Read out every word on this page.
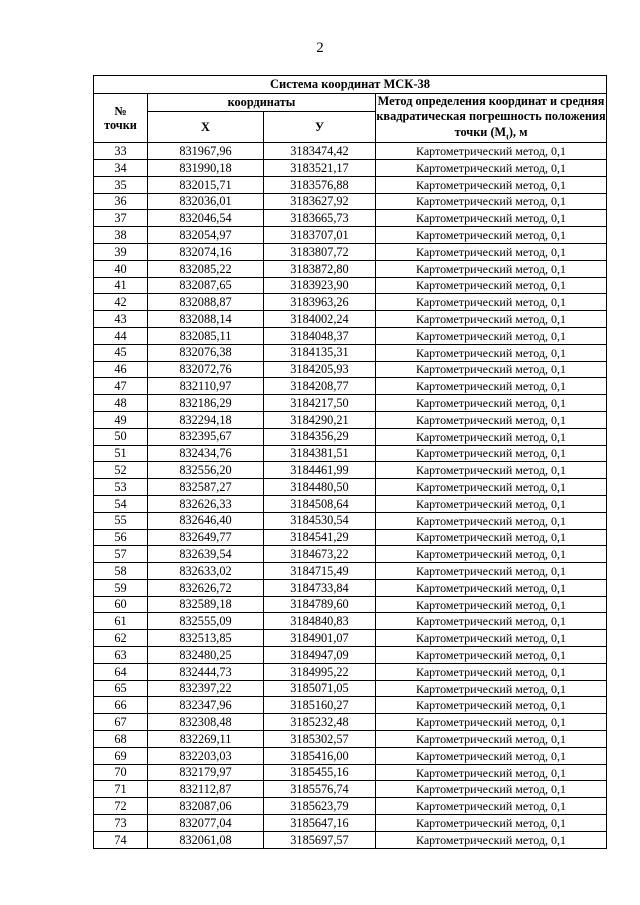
2
Система координат МСК-38			

№
точки	координаты		Метод определения координат и средняя квадратическая погрешность положения точки $(M_t)$, м
	X	У	
33	831967,96	3183474,42	Картометрический метод, 0,1
34	831990,18	3183521,17	Картометрический метод, 0,1
35	832015,71	3183576,88	Картометрический метод, 0,1
36	832036,01	3183627,92	Картометрический метод, 0,1
37	832046,54	3183665,73	Картометрический метод, 0,1
38	832054,97	3183707,01	Картометрический метод, 0,1
39	832074,16	3183807,72	Картометрический метод, 0,1
40	832085,22	3183872,80	Картометрический метод, 0,1
41	832087,65	3183923,90	Картометрический метод, 0,1
42	832088,87	3183963,26	Картометрический метод, 0,1
43	832088,14	3184002,24	Картометрический метод, 0,1
44	832085,11	3184048,37	Картометрический метод, 0,1
45	832076,38	3184135,31	Картометрический метод, 0,1
46	832072,76	3184205,93	Картометрический метод, 0,1
47	832110,97	3184208,77	Картометрический метод, 0,1
48	832186,29	3184217,50	Картометрический метод, 0,1
49	832294,18	3184290,21	Картометрический метод, 0,1
50	832395,67	3184356,29	Картометрический метод, 0,1
51	832434,76	3184381,51	Картометрический метод, 0,1
52	832556,20	3184461,99	Картометрический метод, 0,1
53	832587,27	3184480,50	Картометрический метод, 0,1
54	832626,33	3184508,64	Картометрический метод, 0,1
55	832646,40	3184530,54	Картометрический метод, 0,1
56	832649,77	3184541,29	Картометрический метод, 0,1
57	832639,54	3184673,22	Картометрический метод, 0,1
58	832633,02	3184715,49	Картометрический метод, 0,1
59	832626,72	3184733,84	Картометрический метод, 0,1
60	832589,18	3184789,60	Картометрический метод, 0,1
61	832555,09	3184840,83	Картометрический метод, 0,1
62	832513,85	3184901,07	Картометрический метод, 0,1
63	832480,25	3184947,09	Картометрический метод, 0,1
64	832444,73	3184995,22	Картометрический метод, 0,1
65	832397,22	3185071,05	Картометрический метод, 0,1
66	832347,96	3185160,27	Картометрический метод, 0,1
67	832308,48	3185232,48	Картометрический метод, 0,1
68	832269,11	3185302,57	Картометрический метод, 0,1
69	832203,03	3185416,00	Картометрический метод, 0,1
70	832179,97	3185455,16	Картометрический метод, 0,1
71	832112,87	3185576,74	Картометрический метод, 0,1
72	832087,06	3185623,79	Картометрический метод, 0,1
73	832077,04	3185647,16	Картометрический метод, 0,1
74	832061,08	3185697,57	Картометрический метод, 0,1
